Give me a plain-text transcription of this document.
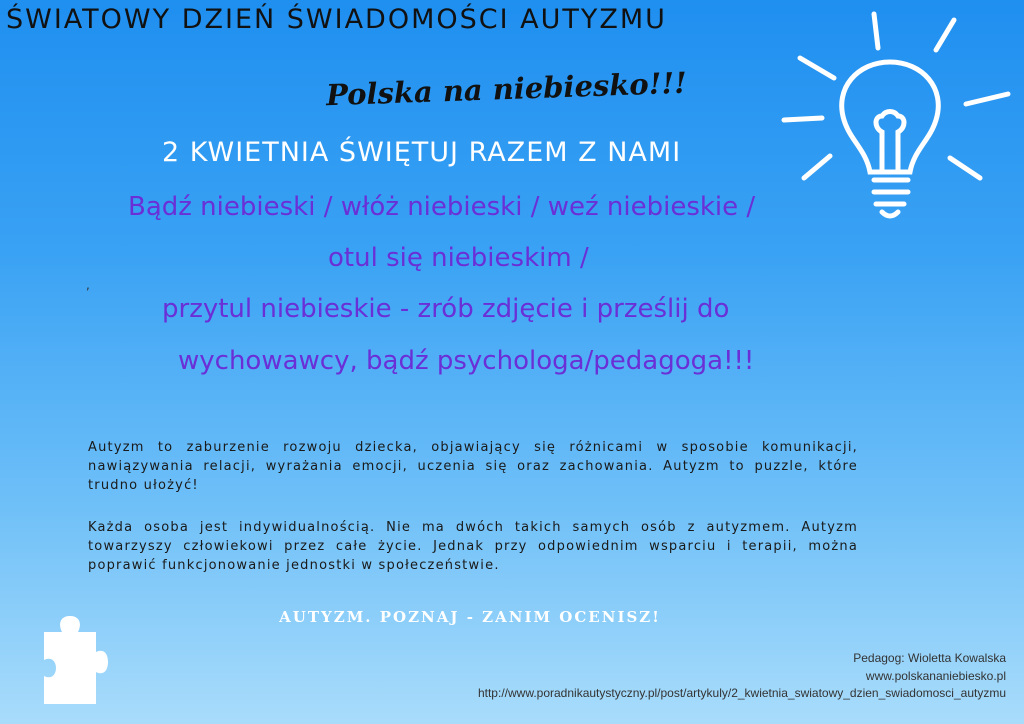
ŚWIATOWY DZIEŃ ŚWIADOMOŚCI AUTYZMU
Polska na niebiesko!!!
2 KWIETNIA ŚWIĘTUJ RAZEM Z NAMI
Bądź niebieski / włóż niebieski / weź niebieskie /
otul się niebieskim /
,
przytul niebieskie - zrób zdjęcie i prześlij do
wychowawcy, bądź psychologa/pedagoga!!!
Autyzm to zaburzenie rozwoju dziecka, objawiający się różnicami w sposobie komunikacji, nawiązywania relacji, wyrażania emocji, uczenia się oraz zachowania. Autyzm to puzzle, które trudno ułożyć!
Każda osoba jest indywidualnością. Nie ma dwóch takich samych osób z autyzmem. Autyzm towarzyszy człowiekowi przez całe życie. Jednak przy odpowiednim wsparciu i terapii, można poprawić funkcjonowanie jednostki w społeczeństwie.
AUTYZM. POZNAJ - ZANIM OCENISZ!
Pedagog: Wioletta Kowalska
www.polskananiebiesko.pl
http://www.poradnikautystyczny.pl/post/artykuly/2_kwietnia_swiatowy_dzien_swiadomosci_autyzmu
